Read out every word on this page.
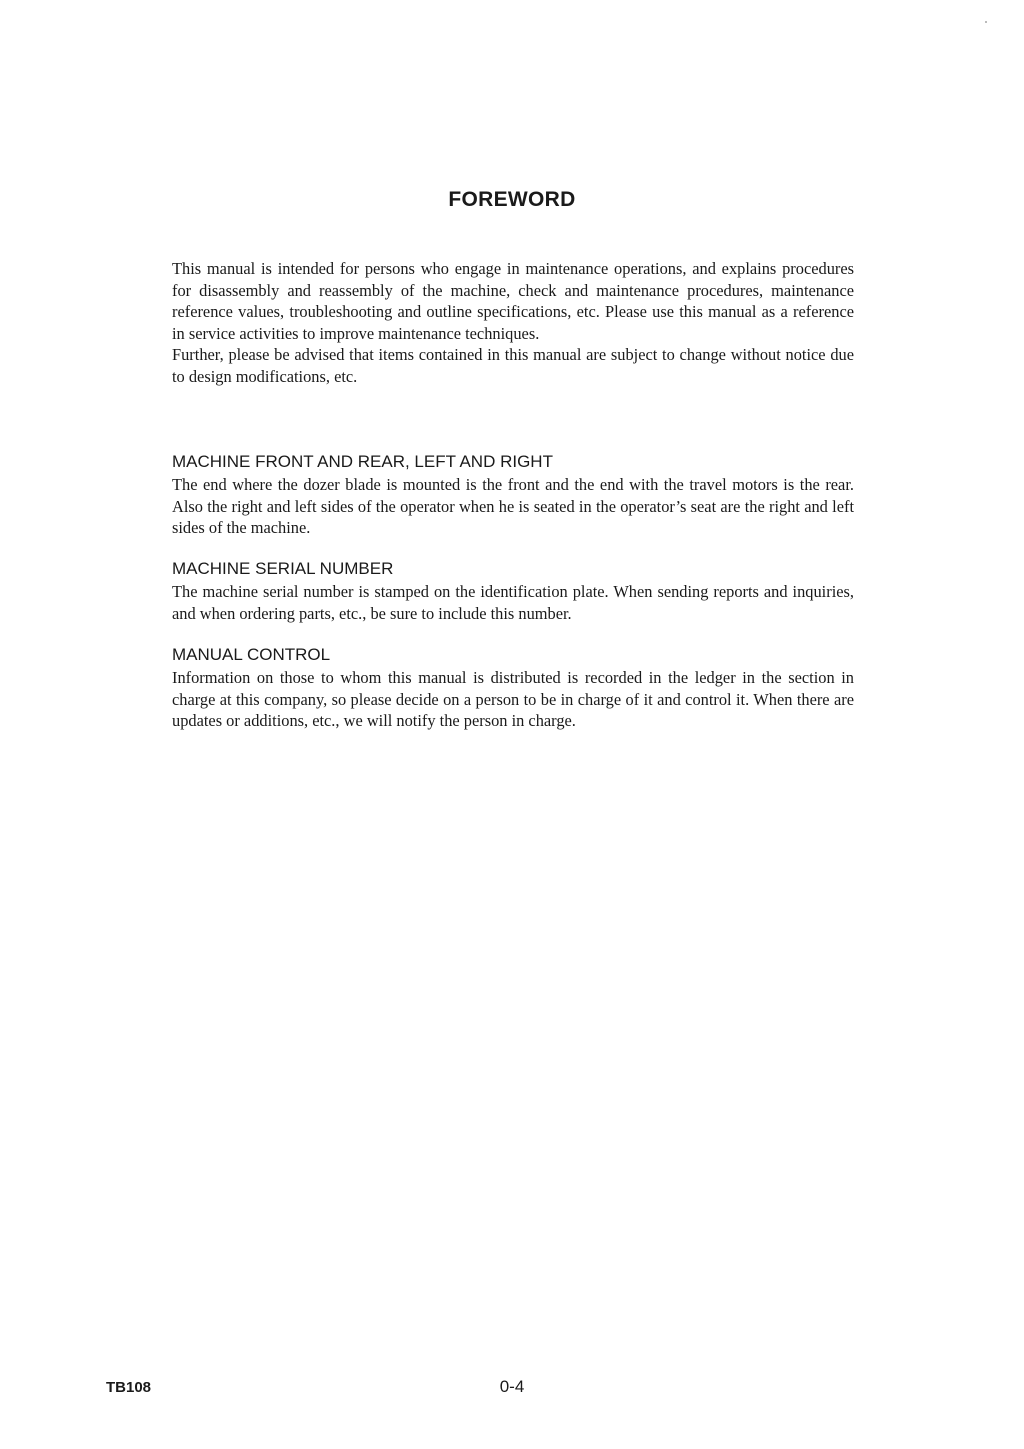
FOREWORD

This manual is intended for persons who engage in maintenance operations, and explains procedures for disassembly and reassembly of the machine, check and maintenance procedures, maintenance reference values, troubleshooting and outline specifications, etc. Please use this manual as a reference in service activities to improve maintenance techniques.

Further, please be advised that items contained in this manual are subject to change without notice due to design modifications, etc.

MACHINE FRONT AND REAR, LEFT AND RIGHT

The end where the dozer blade is mounted is the front and the end with the travel motors is the rear. Also the right and left sides of the operator when he is seated in the operator’s seat are the right and left sides of the machine.

MACHINE SERIAL NUMBER

The machine serial number is stamped on the identification plate. When sending reports and inquiries, and when ordering parts, etc., be sure to include this number.

MANUAL CONTROL

Information on those to whom this manual is distributed is recorded in the ledger in the section in charge at this company, so please decide on a person to be in charge of it and control it. When there are updates or additions, etc., we will notify the person in charge.

TB108	0-4
